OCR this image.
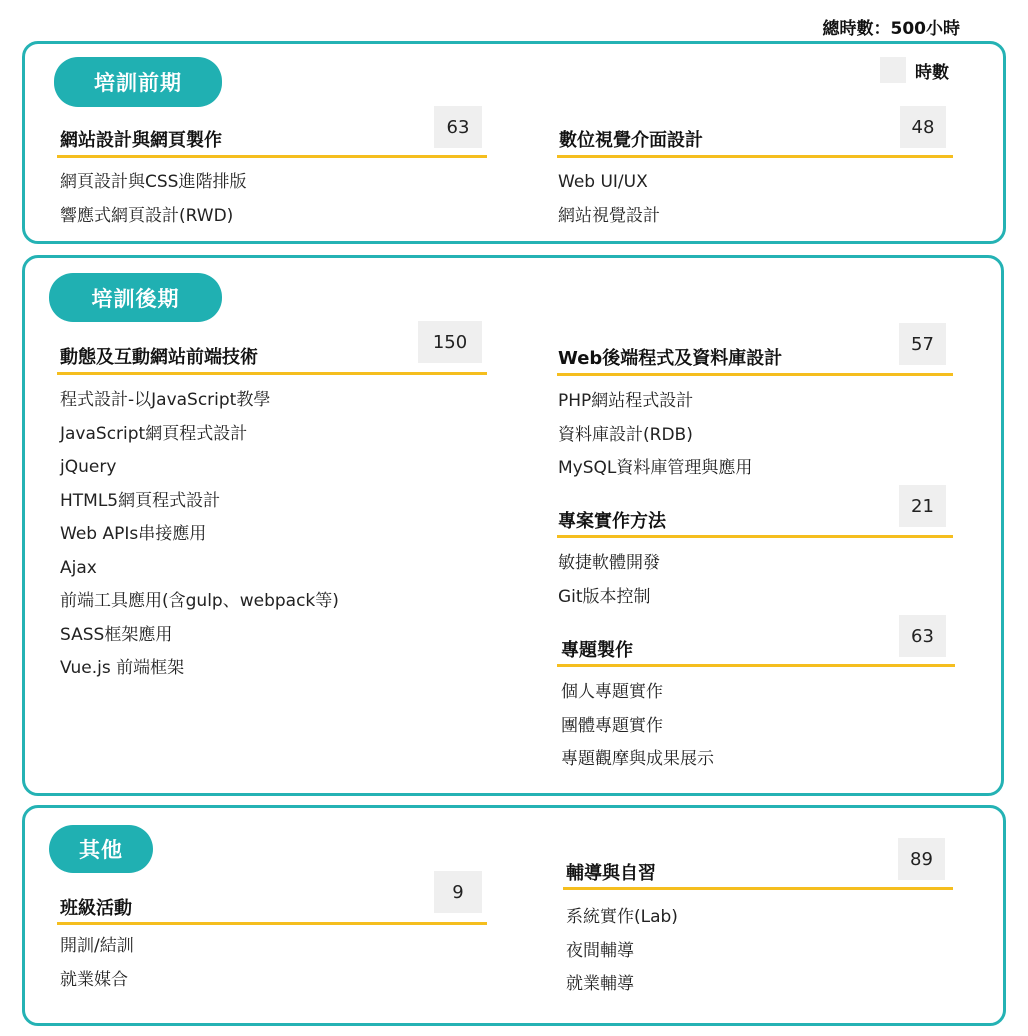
總時數：500小時
培訓前期	時數
63
網站設計與網頁製作
網頁設計與CSS進階排版
響應式網頁設計(RWD)
48
數位視覺介面設計
Web UI/UX
網站視覺設計
培訓後期
150
動態及互動網站前端技術
程式設計-以JavaScript教學
JavaScript網頁程式設計
jQuery
HTML5網頁程式設計
Web APIs串接應用
Ajax
前端工具應用(含gulp、webpack等)
SASS框架應用
Vue.js 前端框架
57
Web後端程式及資料庫設計
PHP網站程式設計
資料庫設計(RDB)
MySQL資料庫管理與應用
21
專案實作方法
敏捷軟體開發
Git版本控制
63
專題製作
個人專題實作
團體專題實作
專題觀摩與成果展示
其他
9
班級活動
開訓/結訓
就業媒合
89
輔導與自習
系統實作(Lab)
夜間輔導
就業輔導
